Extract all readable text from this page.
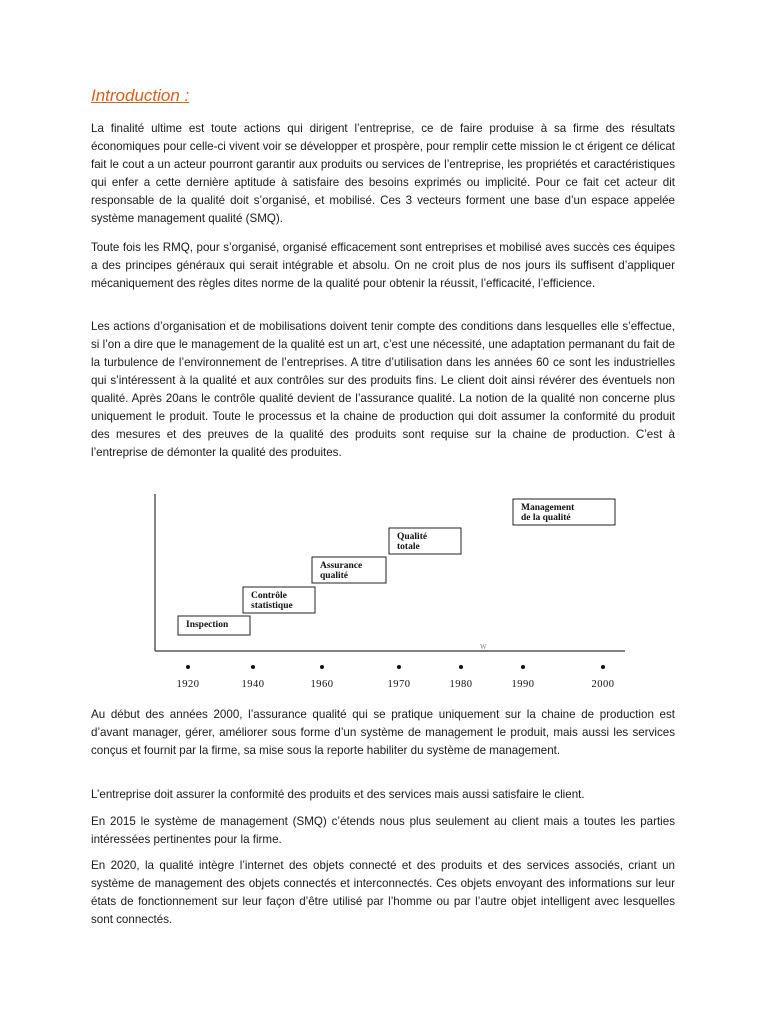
Introduction :

La finalité ultime est toute actions qui dirigent l’entreprise, ce de faire produise à sa firme des résultats économiques pour celle-ci vivent voir se développer et prospère, pour remplir cette mission le ct érigent ce délicat fait le cout a un acteur pourront garantir aux produits ou services de l’entreprise, les propriétés et caractéristiques qui enfer a cette dernière aptitude à satisfaire des besoins exprimés ou implicité. Pour ce fait cet acteur dit responsable de la qualité doit s’organisé, et mobilisé. Ces 3 vecteurs forment une base d’un espace appelée système management qualité (SMQ).

Toute fois les RMQ, pour s’organisé, organisé efficacement sont entreprises et mobilisé aves succès ces équipes a des principes généraux qui serait intégrable et absolu. On ne croit plus de nos jours ils suffisent d’appliquer mécaniquement des règles dites norme de la qualité pour obtenir la réussit, l’efficacité, l’efficience.

Les actions d’organisation et de mobilisations doivent tenir compte des conditions dans lesquelles elle s’effectue, si l’on a dire que le management de la qualité est un art, c’est une nécessité, une adaptation permanant du fait de la turbulence de l’environnement de l’entreprises. A titre d’utilisation dans les années 60 ce sont les industrielles qui s’intéressent à la qualité et aux contrôles sur des produits fins. Le client doit ainsi révérer des éventuels non qualité. Après 20ans le contrôle qualité devient de l’assurance qualité. La notion de la qualité non concerne plus uniquement le produit. Toute le processus et la chaine de production qui doit assumer la conformité du produit des mesures et des preuves de la qualité des produits sont requise sur la chaine de production. C’est à l’entreprise de démonter la qualité des produites.

W
Inspection
Contrôle
statistique
Assurance
qualité
Qualité
totale
Management
de la qualité
1920	1940	1960	1970	1980	1990	2000

Au début des années 2000, l’assurance qualité qui se pratique uniquement sur la chaine de production est d’avant manager, gérer, améliorer sous forme d’un système de management le produit, mais aussi les services conçus et fournit par la firme, sa mise sous la reporte habiliter du système de management.

L’entreprise doit assurer la conformité des produits et des services mais aussi satisfaire le client.

En 2015 le système de management (SMQ) c’étends nous plus seulement au client mais a toutes les parties intéressées pertinentes pour la firme.

En 2020, la qualité intègre l’internet des objets connecté et des produits et des services associés, criant un système de management des objets connectés et interconnectés. Ces objets envoyant des informations sur leur états de fonctionnement sur leur façon d’être utilisé par l’homme ou par l’autre objet intelligent avec lesquelles sont connectés.
